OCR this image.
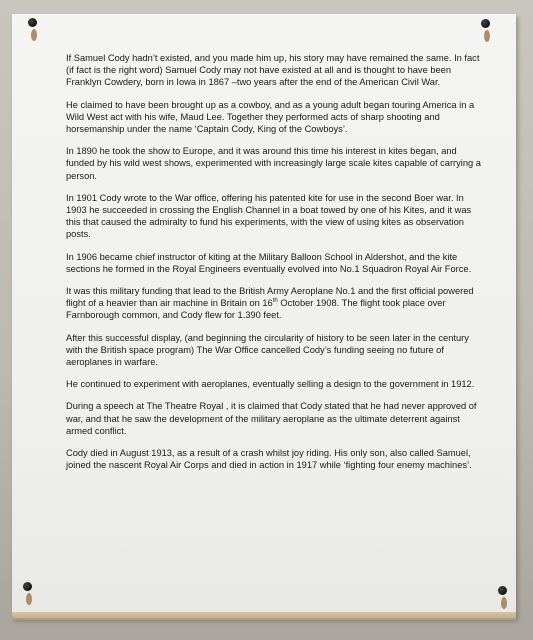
If Samuel Cody hadn’t existed, and you made him up, his story may have remained the same. In fact (if fact is the right word) Samuel Cody may not have existed at all and is thought to have been Franklyn Cowdery, born in Iowa in 1867 –two years after the end of the American Civil War.

He claimed to have been brought up as a cowboy, and as a young adult began touring America in a Wild West act with his wife, Maud Lee. Together they performed acts of sharp shooting and horsemanship under the name ‘Captain Cody, King of the Cowboys’.

In 1890 he took the show to Europe, and it was around this time his interest in kites began, and funded by his wild west shows, experimented with increasingly large scale kites capable of carrying a person.

In 1901 Cody wrote to the War office, offering his patented kite for use in the second Boer war. In 1903 he succeeded in crossing the English Channel in a boat towed by one of his Kites, and it was this that caused the admiralty to fund his experiments, with the view of using kites as observation posts.

In 1906 became chief instructor of kiting at the Military Balloon School in Aldershot, and the kite sections he formed in the Royal Engineers eventually evolved into No.1 Squadron Royal Air Force.

It was this military funding that lead to the British Army Aeroplane No.1 and the first official powered flight of a heavier than air machine in Britain on 16th October 1908. The flight took place over Farnborough common, and Cody flew for 1.390 feet.

After this successful display, (and beginning the circularity of history to be seen later in the century with the British space program) The War Office cancelled Cody’s funding seeing no future of aeroplanes in warfare.

He continued to experiment with aeroplanes, eventually selling a design to the government in 1912.

During a speech at The Theatre Royal , it is claimed that Cody stated that he had never approved of war, and that he saw the development of the military aeroplane as the ultimate deterrent against armed conflict.

Cody died in August 1913, as a result of a crash whilst joy riding. His only son, also called Samuel, joined the nascent Royal Air Corps and died in action in 1917 while ‘fighting four enemy machines’.
